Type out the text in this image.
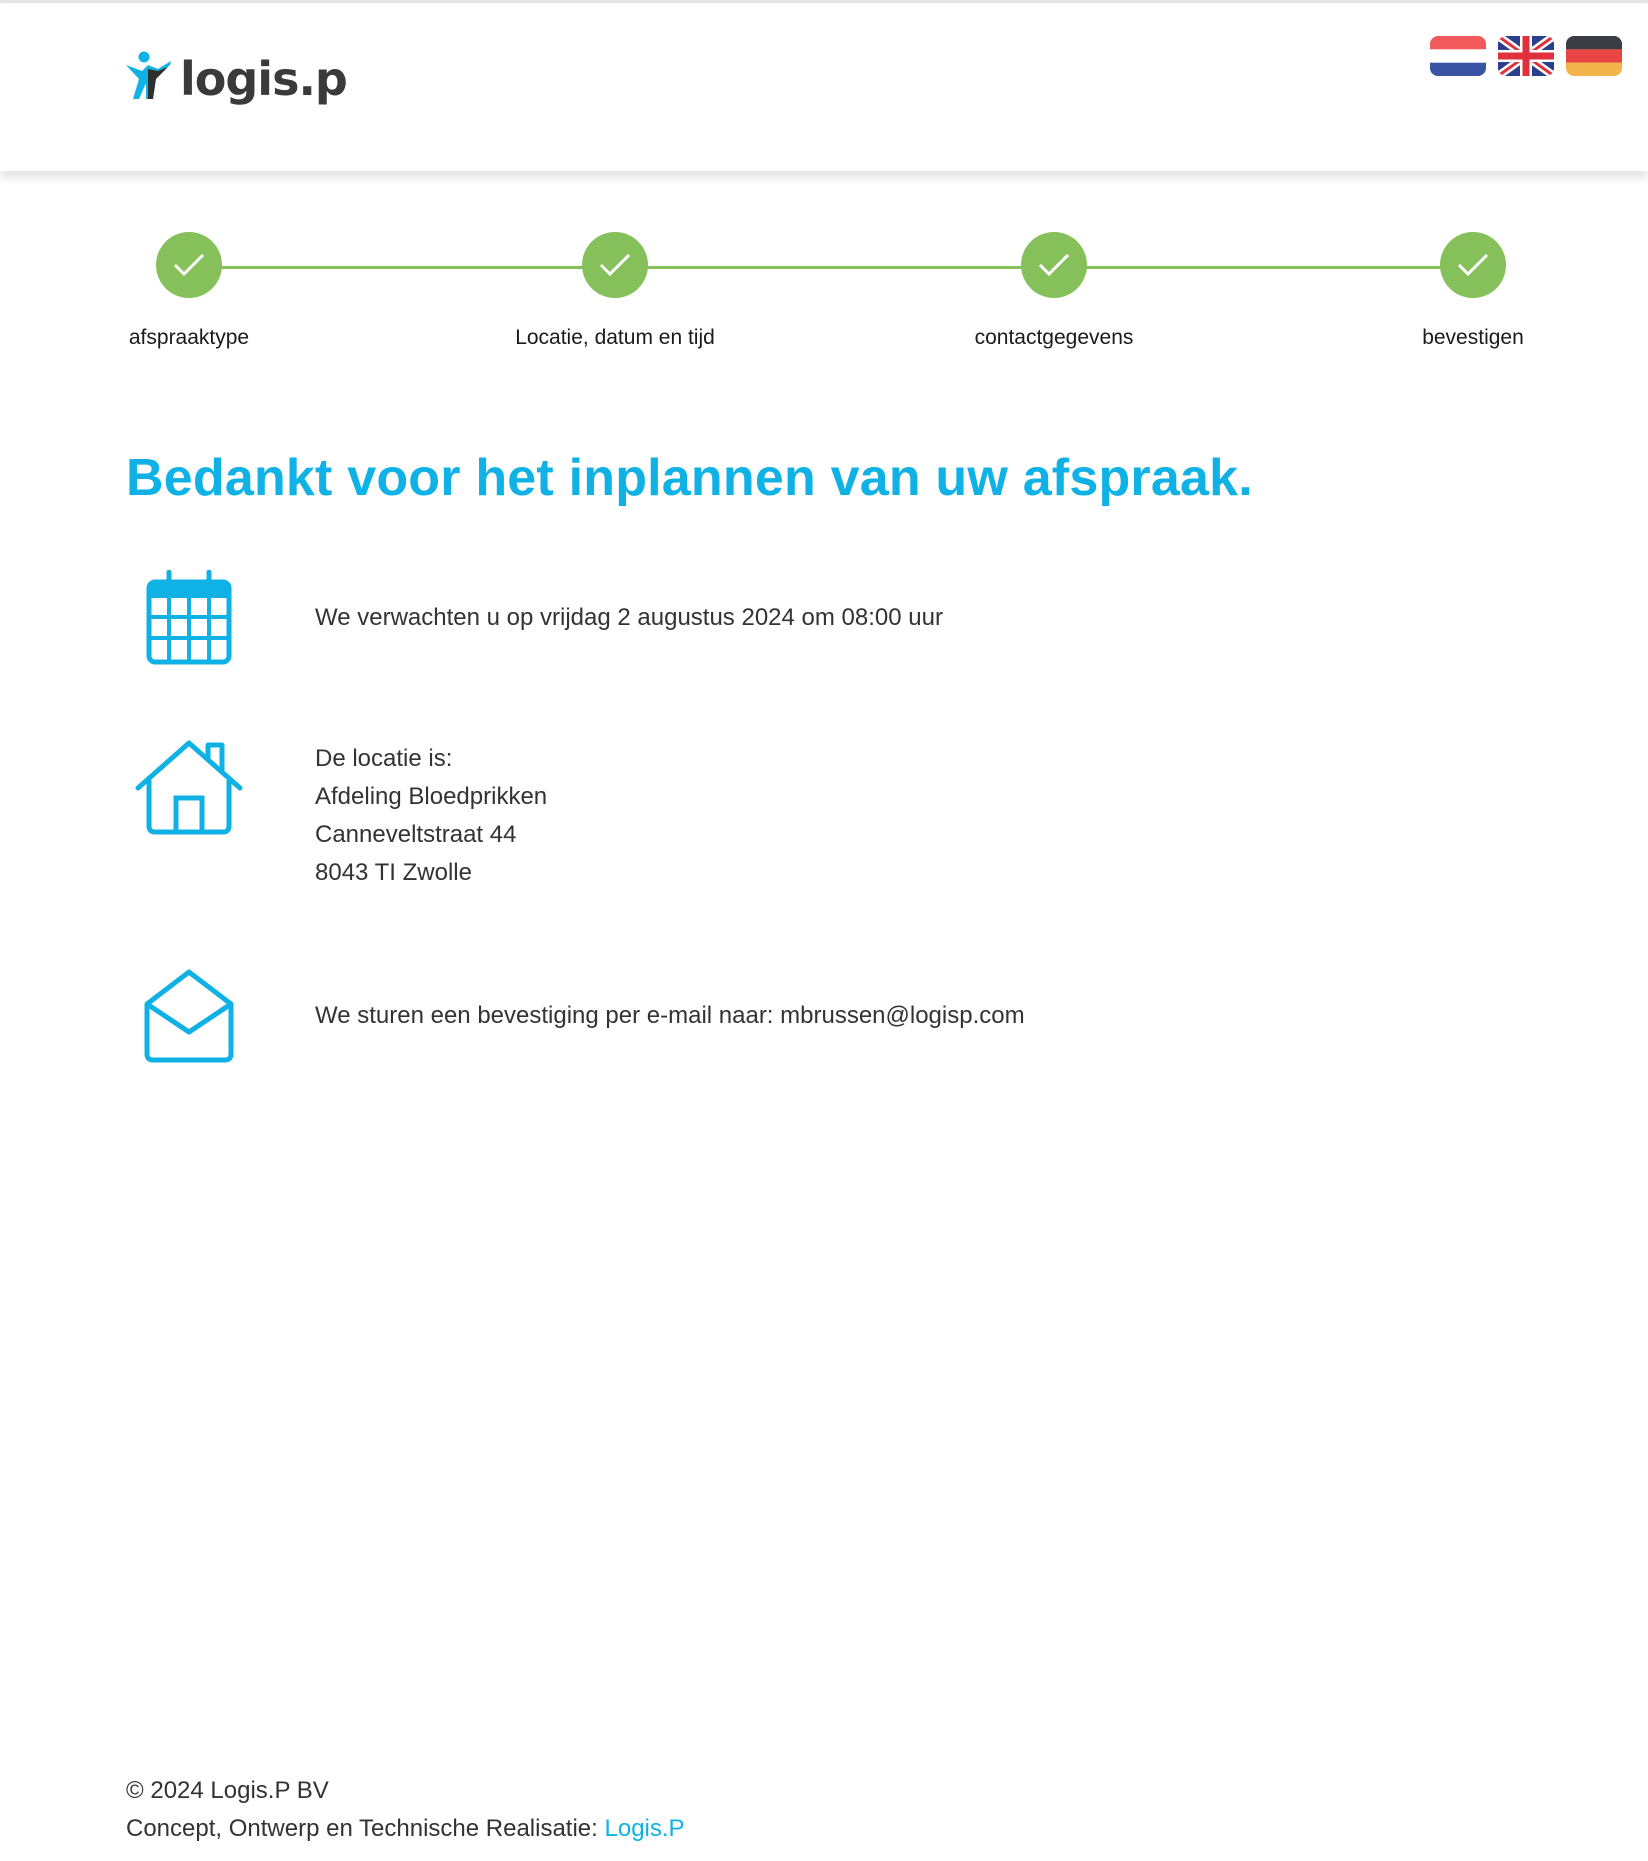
logis.p
afspraaktype	Locatie, datum en tijd	contactgegevens	bevestigen
Bedankt voor het inplannen van uw afspraak.
We verwachten u op vrijdag 2 augustus 2024 om 08:00 uur
De locatie is:
Afdeling Bloedprikken
Canneveltstraat 44
8043 TI Zwolle
We sturen een bevestiging per e-mail naar: mbrussen@logisp.com
© 2024 Logis.P BV
Concept, Ontwerp en Technische Realisatie: Logis.P
